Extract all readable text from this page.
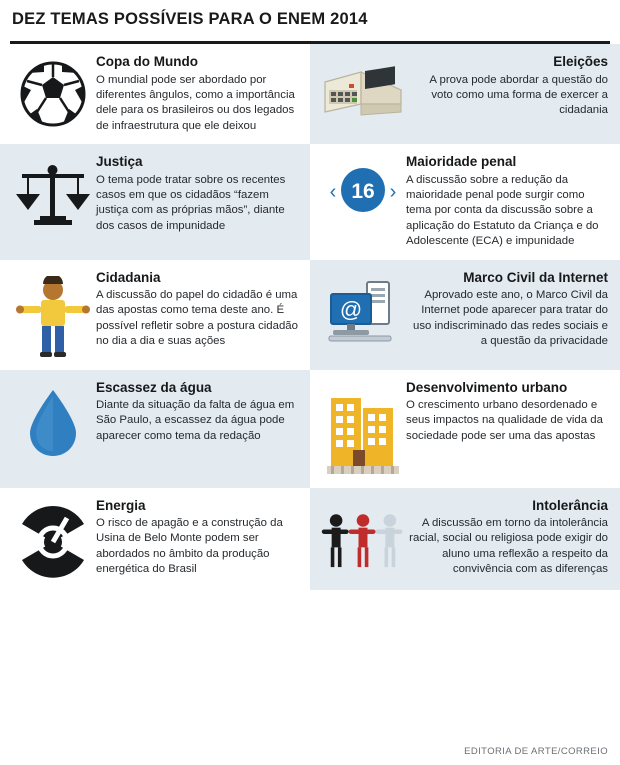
DEZ TEMAS POSSÍVEIS PARA O ENEM 2014

Copa do Mundo

O mundial pode ser abordado por diferentes ângulos, como a importância dele para os brasileiros ou dos legados de infraestrutura que ele deixou

Eleições

A prova pode abordar a questão do voto como uma forma de exercer a cidadania

Justiça

O tema pode tratar sobre os recentes casos em que os cidadãos “fazem justiça com as próprias mãos”, diante dos casos de impunidade

16
‹	›

Maioridade penal

A discussão sobre a redução da maioridade penal pode surgir como tema por conta da discussão sobre a aplicação do Estatuto da Criança e do Adolescente (ECA) e impunidade

Cidadania

A discussão do papel do cidadão é uma das apostas como tema deste ano. É possível refletir sobre a postura cidadão no dia a dia e suas ações

@

Marco Civil da Internet

Aprovado este ano, o Marco Civil da Internet pode aparecer para tratar do uso indiscriminado das redes sociais e a questão da privacidade

Escassez da água

Diante da situação da falta de água em São Paulo, a escassez da água pode aparecer como tema da redação

Desenvolvimento urbano

O crescimento urbano desordenado e seus impactos na qualidade de vida da sociedade pode ser uma das apostas

Energia

O risco de apagão e a construção da Usina de Belo Monte podem ser abordados no âmbito da produção energética do Brasil

Intolerância

A discussão em torno da intolerância racial, social ou religiosa pode exigir do aluno uma reflexão a respeito da convivência com as diferenças

EDITORIA DE ARTE/CORREIO
